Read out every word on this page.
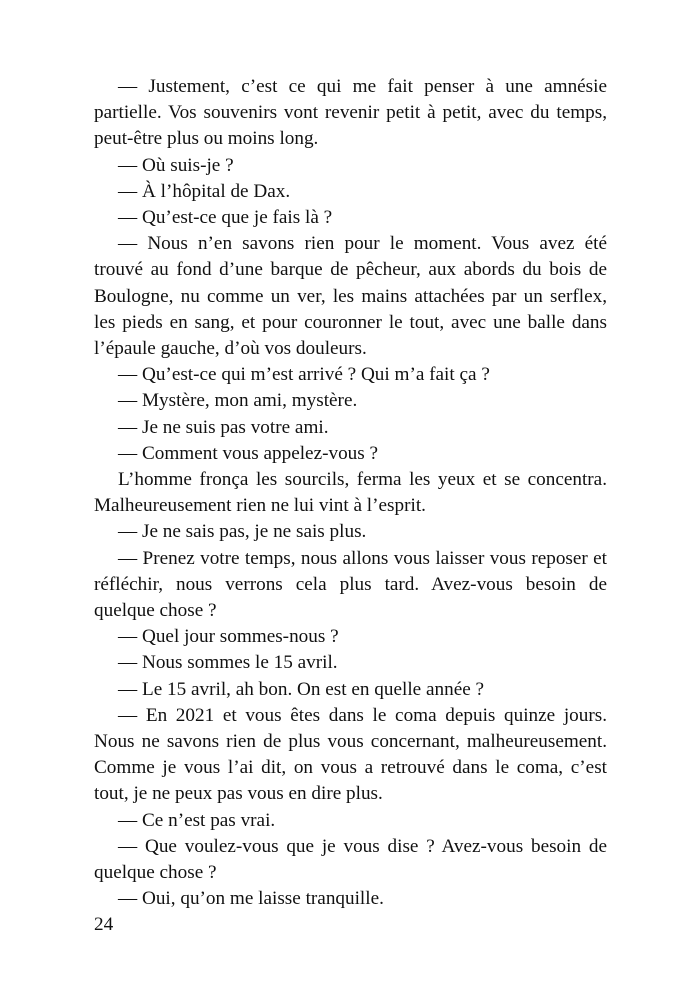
— Justement, c’est ce qui me fait penser à une amnésie partielle. Vos souvenirs vont revenir petit à petit, avec du temps, peut-être plus ou moins long.

— Où suis-je ?

— À l’hôpital de Dax.

— Qu’est-ce que je fais là ?

— Nous n’en savons rien pour le moment. Vous avez été trouvé au fond d’une barque de pêcheur, aux abords du bois de Boulogne, nu comme un ver, les mains attachées par un serflex, les pieds en sang, et pour couronner le tout, avec une balle dans l’épaule gauche, d’où vos douleurs.

— Qu’est-ce qui m’est arrivé ? Qui m’a fait ça ?

— Mystère, mon ami, mystère.

— Je ne suis pas votre ami.

— Comment vous appelez-vous ?

L’homme fronça les sourcils, ferma les yeux et se concentra. Malheureusement rien ne lui vint à l’esprit.

— Je ne sais pas, je ne sais plus.

— Prenez votre temps, nous allons vous laisser vous reposer et réfléchir, nous verrons cela plus tard. Avez-vous besoin de quelque chose ?

— Quel jour sommes-nous ?

— Nous sommes le 15 avril.

— Le 15 avril, ah bon. On est en quelle année ?

— En 2021 et vous êtes dans le coma depuis quinze jours. Nous ne savons rien de plus vous concernant, malheureusement. Comme je vous l’ai dit, on vous a retrouvé dans le coma, c’est tout, je ne peux pas vous en dire plus.

— Ce n’est pas vrai.

— Que voulez-vous que je vous dise ? Avez-vous besoin de quelque chose ?

— Oui, qu’on me laisse tranquille.

24
